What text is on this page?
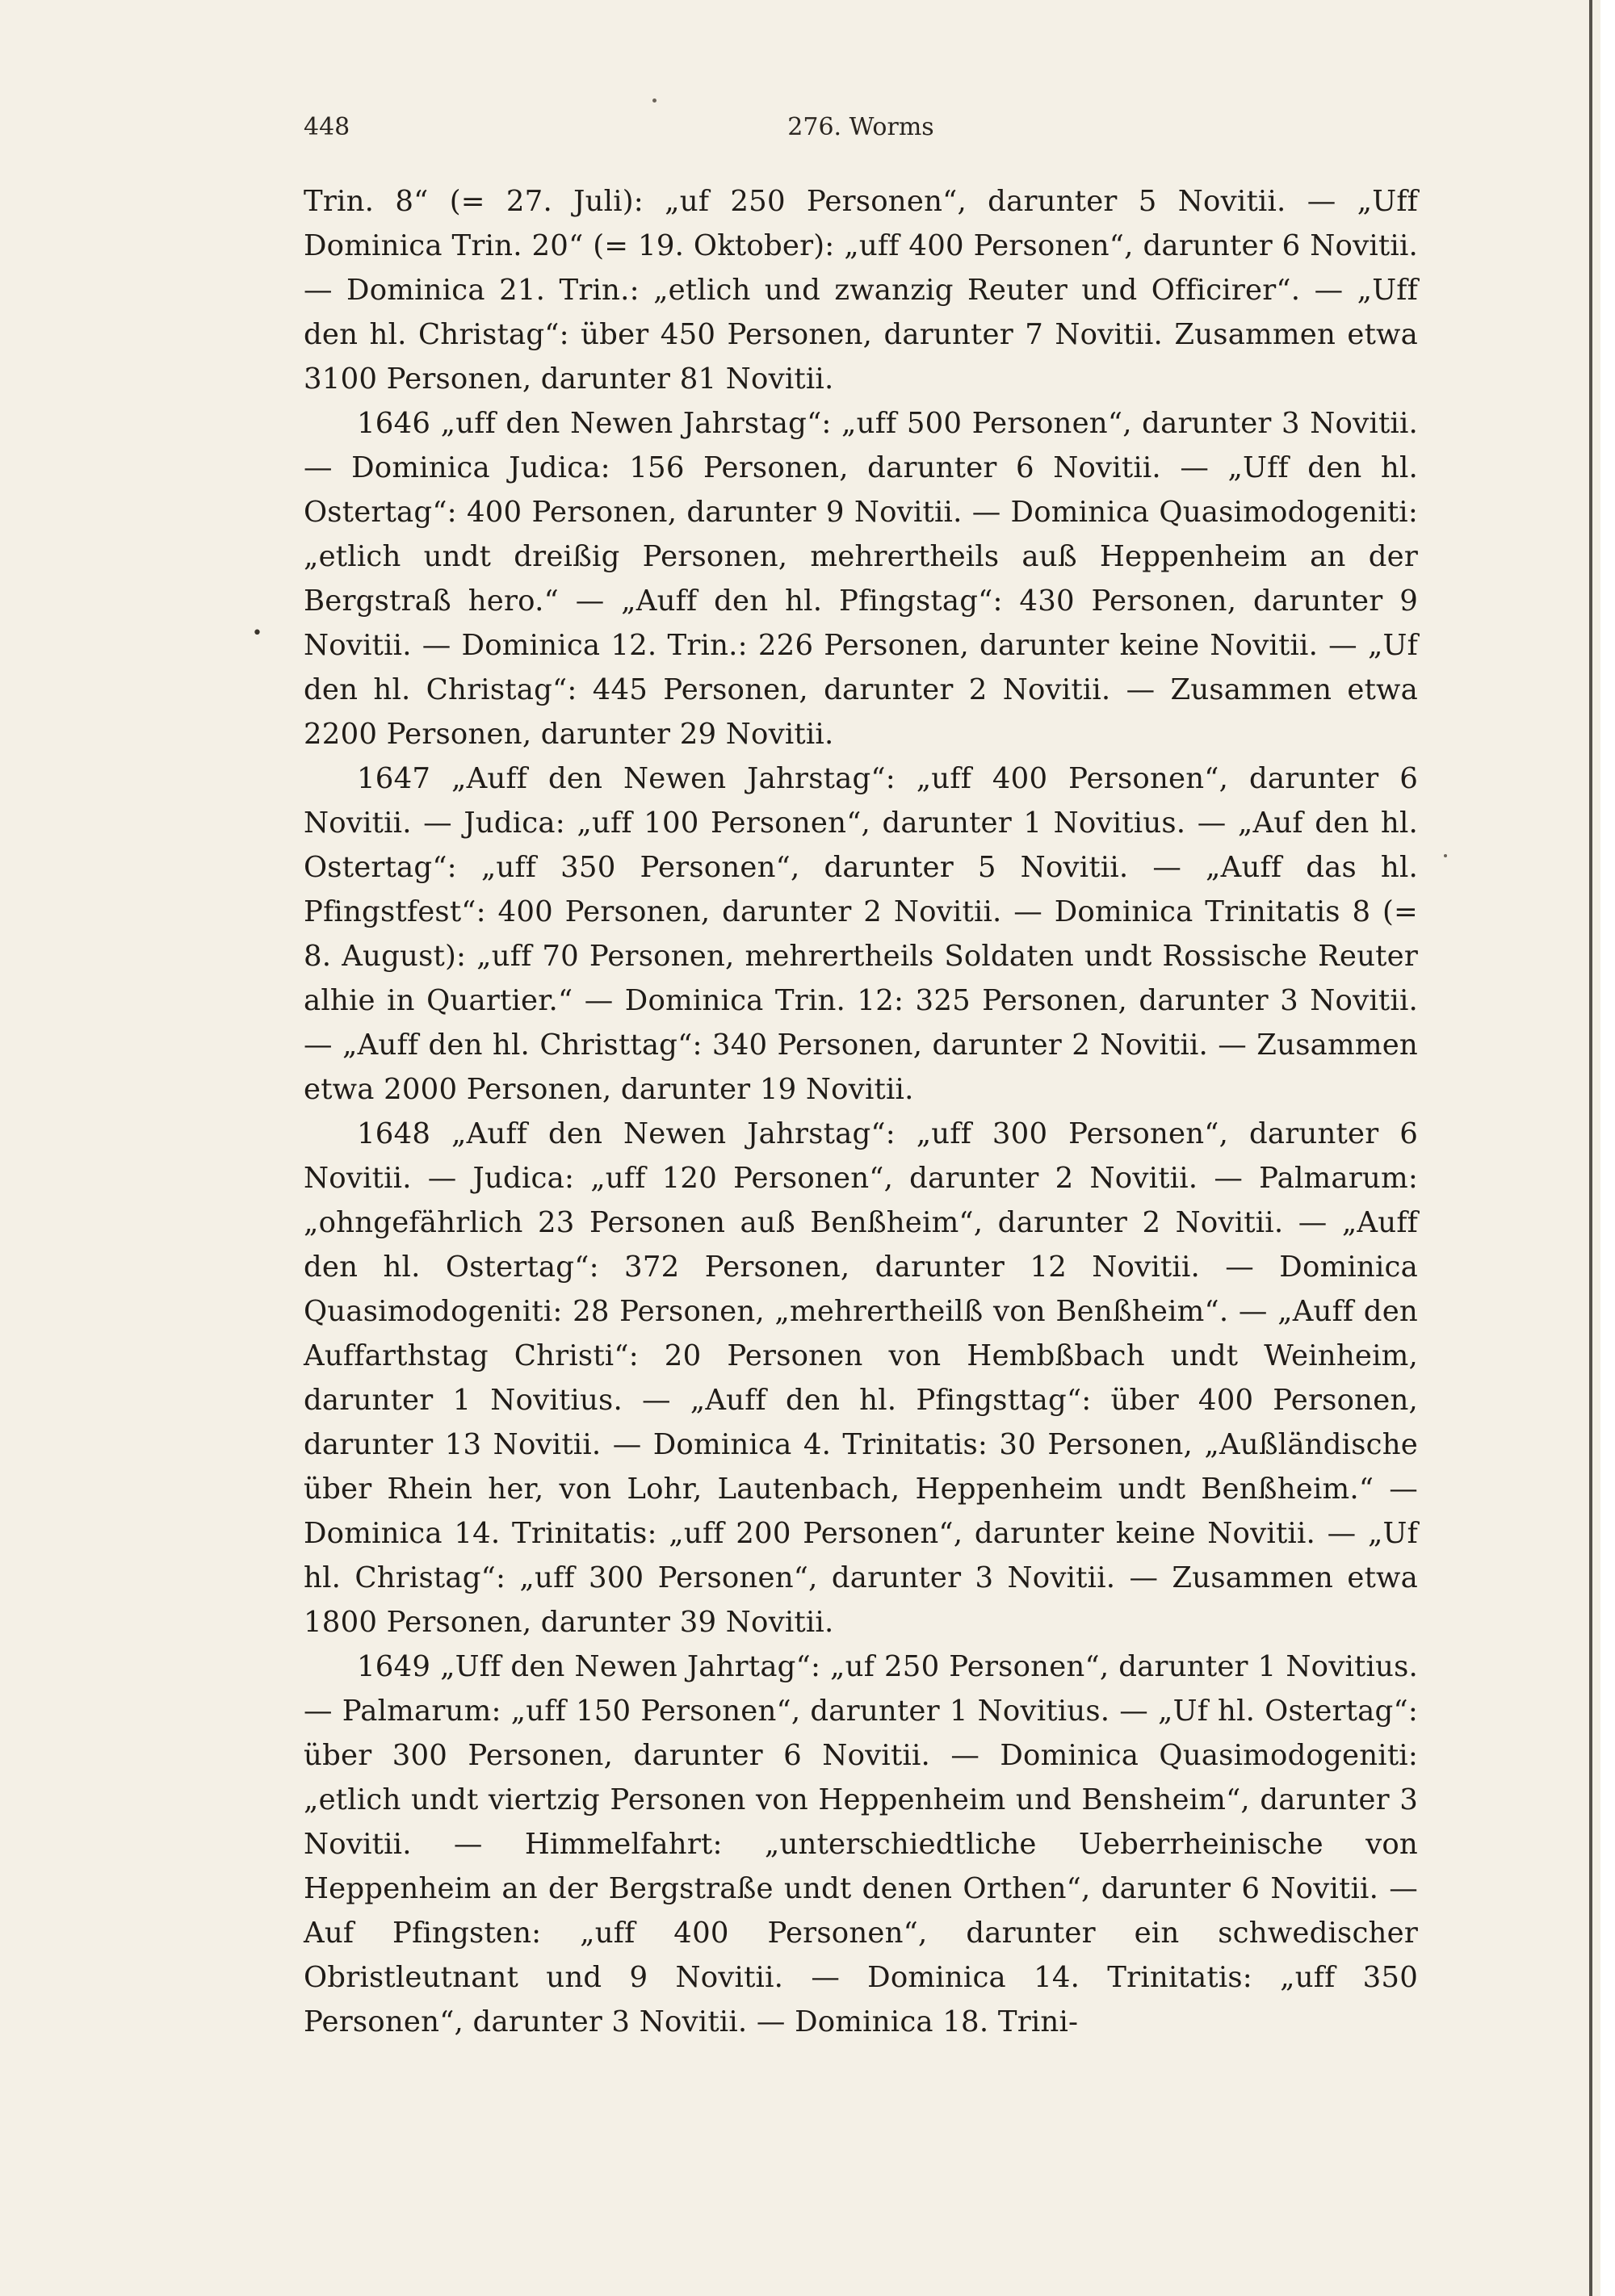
448	276. Worms
•

Trin. 8“ (= 27. Juli): „uf 250 Personen“, darunter 5 Novitii. — „Uff Dominica Trin. 20“ (= 19. Oktober): „uff 400 Personen“, darunter 6 Novitii. — Dominica 21. Trin.: „etlich und zwanzig Reuter und Officirer“. — „Uff den hl. Christag“: über 450 Personen, darunter 7 Novitii. Zusammen etwa 3100 Personen, darunter 81 Novitii.

1646 „uff den Newen Jahrstag“: „uff 500 Personen“, darunter 3 Novitii. — Dominica Judica: 156 Personen, darunter 6 Novitii. — „Uff den hl. Ostertag“: 400 Personen, darunter 9 Novitii. — Dominica Quasimodogeniti: „etlich undt dreißig Personen, mehrertheils auß Heppenheim an der Bergstraß hero.“ — „Auff den hl. Pfingstag“: 430 Personen, darunter 9 Novitii. — Dominica 12. Trin.: 226 Personen, darunter keine Novitii. — „Uf den hl. Christag“: 445 Personen, darunter 2 Novitii. — Zusammen etwa 2200 Personen, darunter 29 Novitii.

1647 „Auff den Newen Jahrstag“: „uff 400 Personen“, darunter 6 Novitii. — Judica: „uff 100 Personen“, darunter 1 Novitius. — „Auf den hl. Ostertag“: „uff 350 Personen“, darunter 5 Novitii. — „Auff das hl. Pfingstfest“: 400 Personen, darunter 2 Novitii. — Dominica Trinitatis 8 (= 8. August): „uff 70 Personen, mehrertheils Soldaten undt Rossische Reuter alhie in Quartier.“ — Dominica Trin. 12: 325 Personen, darunter 3 Novitii. — „Auff den hl. Christtag“: 340 Personen, darunter 2 Novitii. — Zusammen etwa 2000 Personen, darunter 19 Novitii.

1648 „Auff den Newen Jahrstag“: „uff 300 Personen“, darunter 6 Novitii. — Judica: „uff 120 Personen“, darunter 2 Novitii. — Palmarum: „ohngefährlich 23 Personen auß Benßheim“, darunter 2 Novitii. — „Auff den hl. Ostertag“: 372 Personen, darunter 12 Novitii. — Dominica Quasimodogeniti: 28 Personen, „mehrertheilß von Benßheim“. — „Auff den Auffarthstag Christi“: 20 Personen von Hembßbach undt Weinheim, darunter 1 Novitius. — „Auff den hl. Pfingsttag“: über 400 Personen, darunter 13 Novitii. — Dominica 4. Trinitatis: 30 Personen, „Außländische über Rhein her, von Lohr, Lautenbach, Heppenheim undt Benßheim.“ — Dominica 14. Trinitatis: „uff 200 Personen“, darunter keine Novitii. — „Uf hl. Christag“: „uff 300 Personen“, darunter 3 Novitii. — Zusammen etwa 1800 Personen, darunter 39 Novitii.

1649 „Uff den Newen Jahrtag“: „uf 250 Personen“, darunter 1 Novitius. — Palmarum: „uff 150 Personen“, darunter 1 Novitius. — „Uf hl. Ostertag“: über 300 Personen, darunter 6 Novitii. — Dominica Quasimodogeniti: „etlich undt viertzig Personen von Heppenheim und Bensheim“, darunter 3 Novitii. — Himmelfahrt: „unterschiedtliche Ueberrheinische von Heppenheim an der Bergstraße undt denen Orthen“, darunter 6 Novitii. — Auf Pfingsten: „uff 400 Personen“, darunter ein schwedischer Obristleutnant und 9 Novitii. — Dominica 14. Trinitatis: „uff 350 Personen“, darunter 3 Novitii. — Dominica 18. Trini-
